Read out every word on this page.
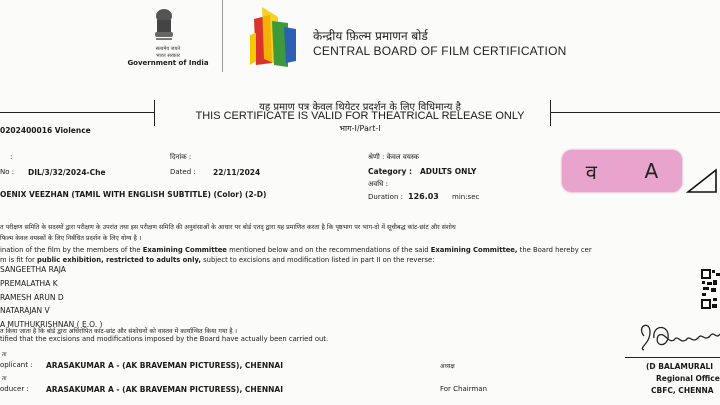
सत्यमेव जयते
भारत सरकार
Government of India
केन्द्रीय फ़िल्म प्रमाणन बोर्ड
CENTRAL BOARD OF FILM CERTIFICATION
यह प्रमाण पत्र केवल थियेटर प्रदर्शन के लिए विधिमान्य है
THIS CERTIFICATE IS VALID FOR THEATRICAL RELEASE ONLY
भाग-I/Part-I
0202400016 Violence
:
No : DIL/3/32/2024-Che
दिनांक :
Dated : 22/11/2024
श्रेणी : केवल वयस्क
Category : ADULTS ONLY
अवधि :
Duration : 126.03 min:sec
व A
OENIX VEEZHAN (TAMIL WITH ENGLISH SUBTITLE) (Color) (2-D)
त परीक्षण समिति के सदस्यों द्वारा परीक्षण के उपरांत तथा इस परीक्षण समिति की अनुशंसाओं के आधार पर बोर्ड एतद् द्वारा यह प्रमाणित करता है कि पृष्ठभाग पर भाग-दो में सूचीबद्ध कांट-छांट और संशोध
फिल्म केवल वयस्कों के लिए निर्बंधित प्रदर्शन के लिए योग्य है ।
ination of the film by the members of the Examining Committee mentioned below and on the recommendations of the said Examining Committee, the Board hereby cer
m is fit for public exhibition, restricted to adults only, subject to excisions and modification listed in part II on the reverse:
SANGEETHA RAJA
PREMALATHA K
RAMESH ARUN D
NATARAJAN V
A MUTHUKRISHNAN ( E.O. )
त किया जाता है कि बोर्ड द्वारा अधिरोपित कांट-छांट और संशोधनों को वास्तव में कार्यान्वित किया गया है ।
tified that the excisions and modifications imposed by the Board have actually been carried out.
ता
oplicant : ARASAKUMAR A - (AK BRAVEMAN PICTURESS), CHENNAI
ता
oducer : ARASAKUMAR A - (AK BRAVEMAN PICTURESS), CHENNAI
अध्यक्ष
For Chairman
(D BALAMURALI
Regional Office
CBFC, CHENNA
